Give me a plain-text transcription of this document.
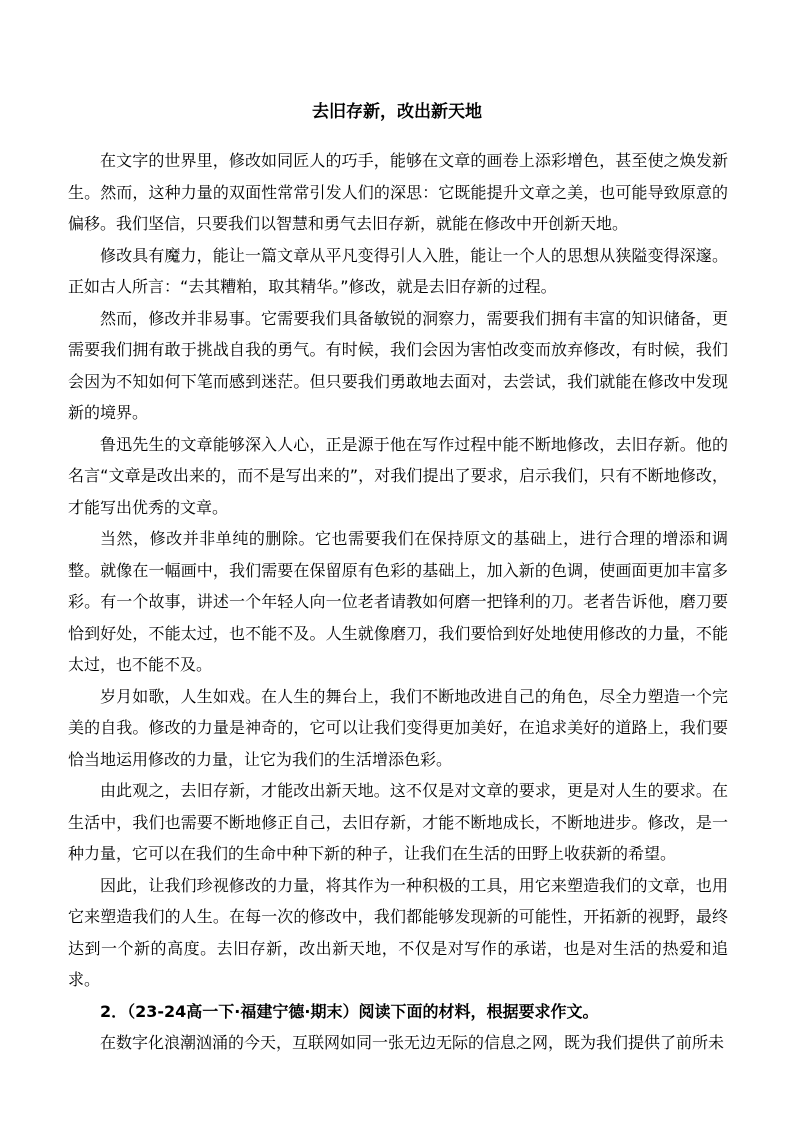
去旧存新，改出新天地

在文字的世界里，修改如同匠人的巧手，能够在文章的画卷上添彩增色，甚至使之焕发新生。然而，这种力量的双面性常常引发人们的深思：它既能提升文章之美，也可能导致原意的偏移。我们坚信，只要我们以智慧和勇气去旧存新，就能在修改中开创新天地。

修改具有魔力，能让一篇文章从平凡变得引人入胜，能让一个人的思想从狭隘变得深邃。正如古人所言：“去其糟粕，取其精华。”修改，就是去旧存新的过程。

然而，修改并非易事。它需要我们具备敏锐的洞察力，需要我们拥有丰富的知识储备，更需要我们拥有敢于挑战自我的勇气。有时候，我们会因为害怕改变而放弃修改，有时候，我们会因为不知如何下笔而感到迷茫。但只要我们勇敢地去面对，去尝试，我们就能在修改中发现新的境界。

鲁迅先生的文章能够深入人心，正是源于他在写作过程中能不断地修改，去旧存新。他的名言“文章是改出来的，而不是写出来的”，对我们提出了要求，启示我们，只有不断地修改，才能写出优秀的文章。

当然，修改并非单纯的删除。它也需要我们在保持原文的基础上，进行合理的增添和调整。就像在一幅画中，我们需要在保留原有色彩的基础上，加入新的色调，使画面更加丰富多彩。有一个故事，讲述一个年轻人向一位老者请教如何磨一把锋利的刀。老者告诉他，磨刀要恰到好处，不能太过，也不能不及。人生就像磨刀，我们要恰到好处地使用修改的力量，不能太过，也不能不及。

岁月如歌，人生如戏。在人生的舞台上，我们不断地改进自己的角色，尽全力塑造一个完美的自我。修改的力量是神奇的，它可以让我们变得更加美好，在追求美好的道路上，我们要恰当地运用修改的力量，让它为我们的生活增添色彩。

由此观之，去旧存新，才能改出新天地。这不仅是对文章的要求，更是对人生的要求。在生活中，我们也需要不断地修正自己，去旧存新，才能不断地成长，不断地进步。修改，是一种力量，它可以在我们的生命中种下新的种子，让我们在生活的田野上收获新的希望。

因此，让我们珍视修改的力量，将其作为一种积极的工具，用它来塑造我们的文章，也用它来塑造我们的人生。在每一次的修改中，我们都能够发现新的可能性，开拓新的视野，最终达到一个新的高度。去旧存新，改出新天地，不仅是对写作的承诺，也是对生活的热爱和追求。

2．（23-24高一下·福建宁德·期末）阅读下面的材料，根据要求作文。

在数字化浪潮汹涌的今天，互联网如同一张无边无际的信息之网，既为我们提供了前所未
